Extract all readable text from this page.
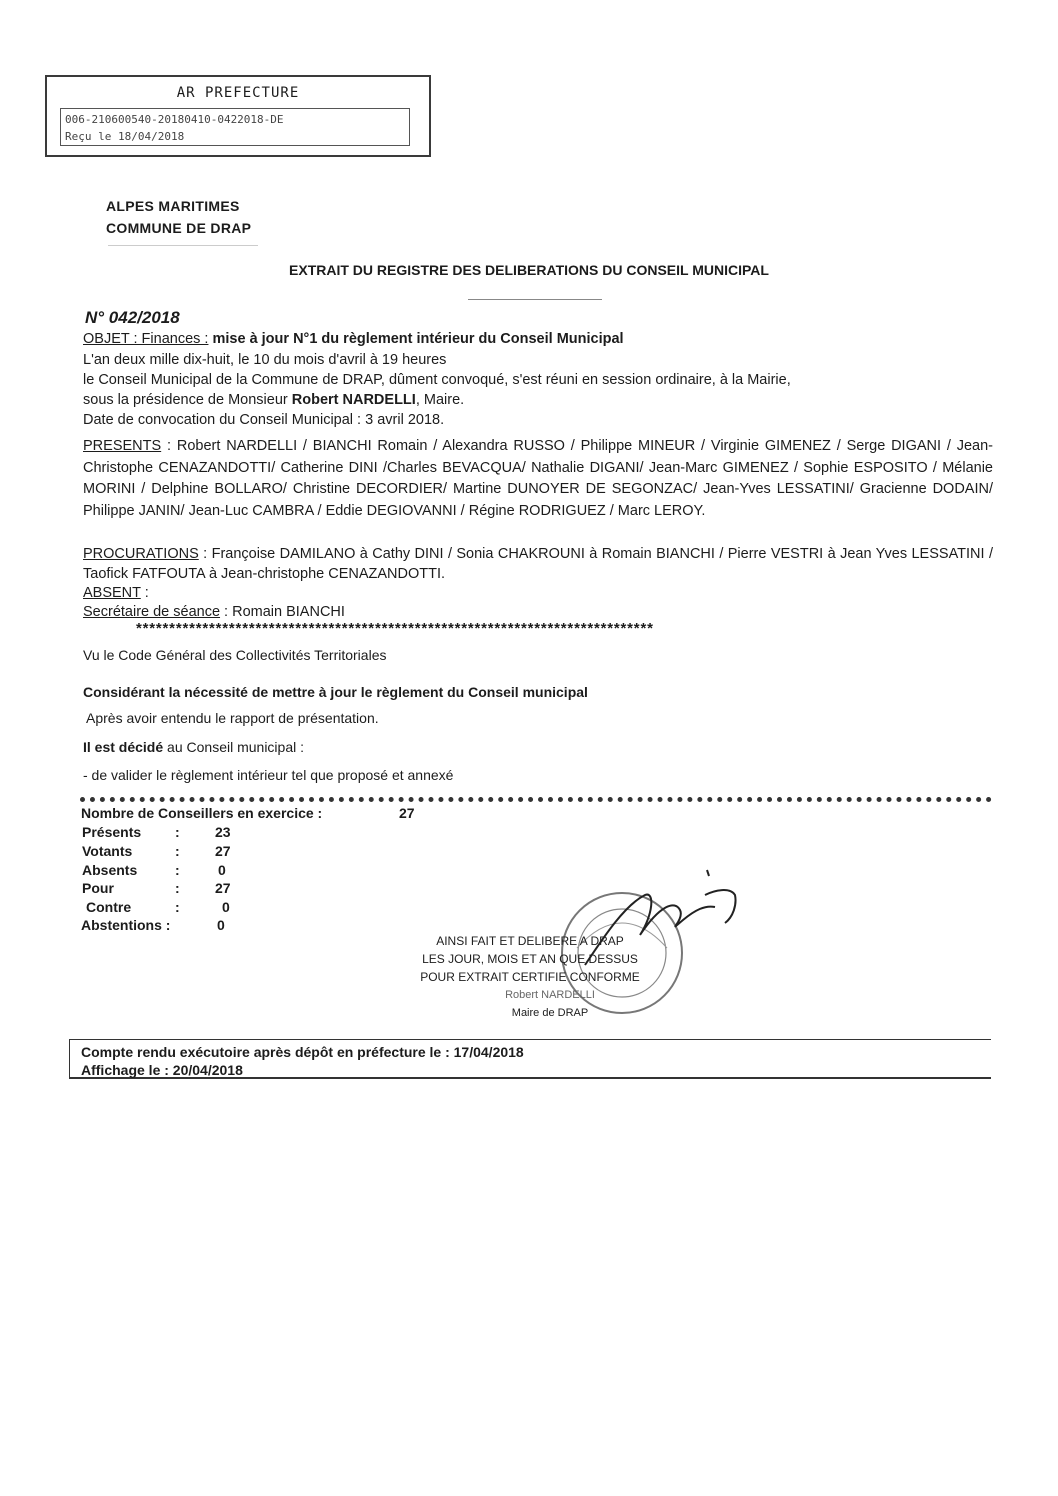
AR PREFECTURE
006-210600540-20180410-0422018-DE
Reçu le 18/04/2018
ALPES MARITIMES
COMMUNE DE DRAP
EXTRAIT DU REGISTRE DES DELIBERATIONS DU CONSEIL MUNICIPAL
N° 042/2018
OBJET : Finances : mise à jour N°1 du règlement intérieur du Conseil Municipal
L'an deux mille dix-huit, le 10 du mois d'avril à 19 heures
le Conseil Municipal de la Commune de DRAP, dûment convoqué, s'est réuni en session ordinaire, à la Mairie,
sous la présidence de Monsieur Robert NARDELLI, Maire.
Date de convocation du Conseil Municipal : 3 avril 2018.
PRESENTS : Robert NARDELLI / BIANCHI Romain / Alexandra RUSSO / Philippe MINEUR / Virginie GIMENEZ / Serge DIGANI / Jean-Christophe CENAZANDOTTI/ Catherine DINI /Charles BEVACQUA/ Nathalie DIGANI/ Jean-Marc GIMENEZ / Sophie ESPOSITO / Mélanie MORINI / Delphine BOLLARO/ Christine DECORDIER/ Martine DUNOYER DE SEGONZAC/ Jean-Yves LESSATINI/ Gracienne DODAIN/ Philippe JANIN/ Jean-Luc CAMBRA / Eddie DEGIOVANNI / Régine RODRIGUEZ / Marc LEROY.
PROCURATIONS : Françoise DAMILANO à Cathy DINI / Sonia CHAKROUNI à Romain BIANCHI / Pierre VESTRI à Jean Yves LESSATINI / Taofick FATFOUTA à Jean-christophe CENAZANDOTTI.
ABSENT :
Secrétaire de séance : Romain BIANCHI
******************************************************************************
Vu le Code Général des Collectivités Territoriales
Considérant la nécessité de mettre à jour le règlement du Conseil municipal
Après avoir entendu le rapport de présentation.
Il est décidé au Conseil municipal :
- de valider le règlement intérieur tel que proposé et annexé
Nombre de Conseillers en exercice :	27
Présents :	23
Votants	:	27
Absents	:	0
Pour	:	27
Contre	:	0
Abstentions :	0
AINSI FAIT ET DELIBERE A DRAP
LES JOUR, MOIS ET AN QUE DESSUS
POUR EXTRAIT CERTIFIE CONFORME
Robert NARDELLI
Maire de DRAP
Compte rendu exécutoire après dépôt en préfecture le : 17/04/2018
Affichage le : 20/04/2018
